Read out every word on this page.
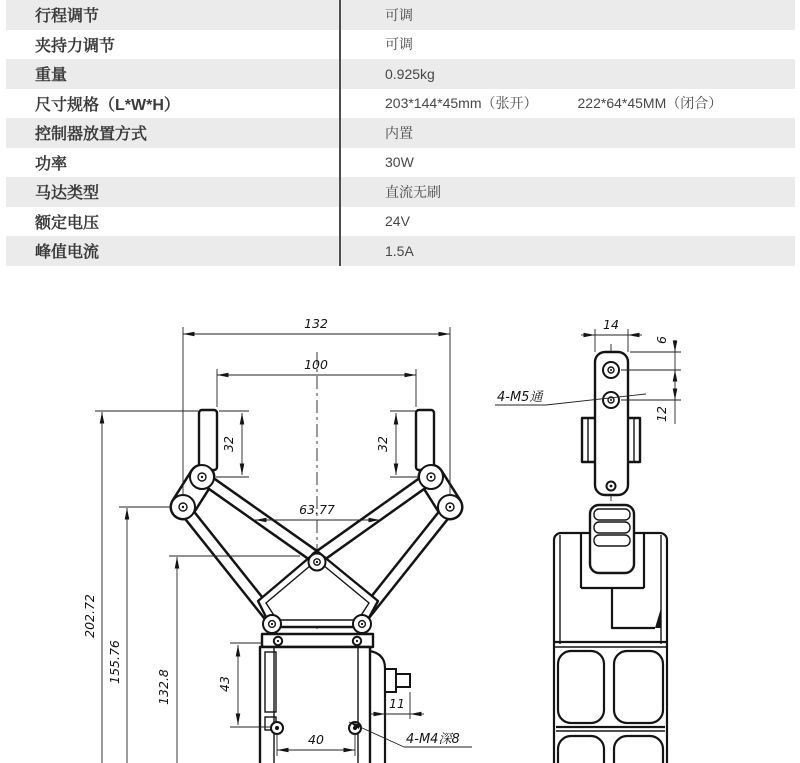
行程调节	可调
夹持力调节	可调
重量	0.925kg
尺寸规格（L*W*H）	203*144*45mm（张开）	222*64*45MM（闭合）
控制器放置方式	内置
功率	30W
马达类型	直流无刷
额定电压	24V
峰值电流	1.5A
132
100
32	32
63.77
202.72
155.76
132.8	43
40
11
4-M4深8
14
6
12
4-M5通
